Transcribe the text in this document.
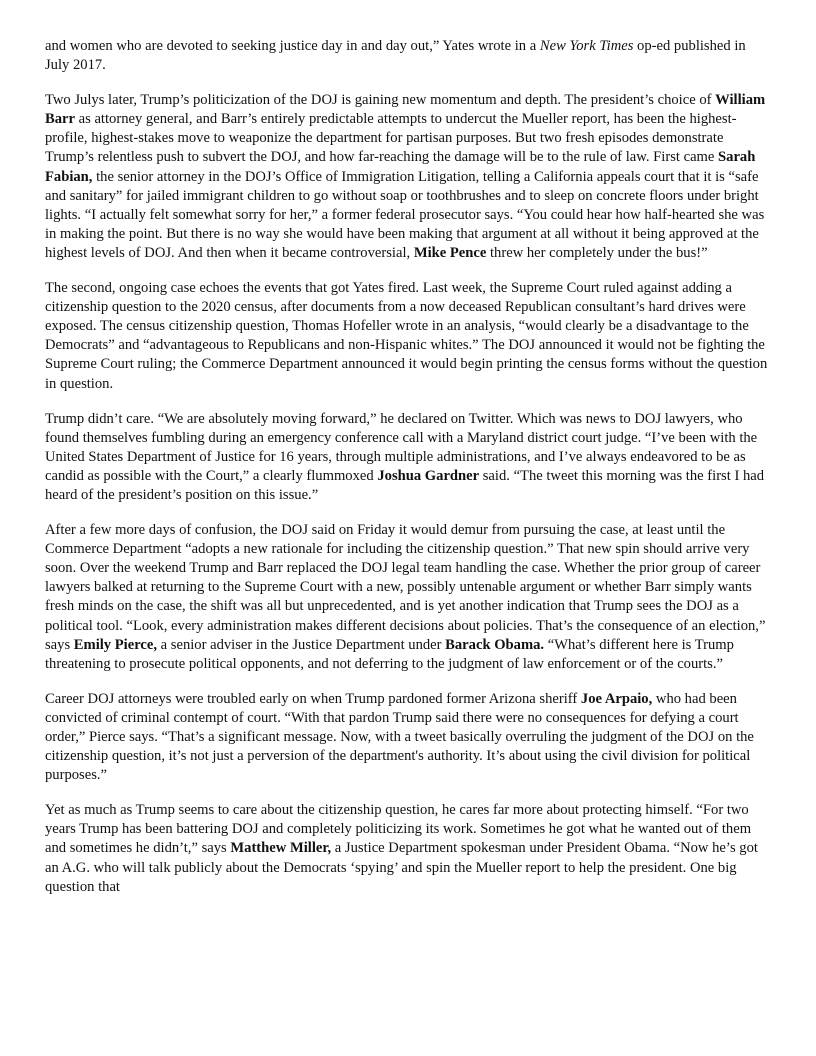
and women who are devoted to seeking justice day in and day out,” Yates wrote in a New York Times op-ed published in July 2017.

Two Julys later, Trump’s politicization of the DOJ is gaining new momentum and depth. The president’s choice of William Barr as attorney general, and Barr’s entirely predictable attempts to undercut the Mueller report, has been the highest-profile, highest-stakes move to weaponize the department for partisan purposes. But two fresh episodes demonstrate Trump’s relentless push to subvert the DOJ, and how far-reaching the damage will be to the rule of law. First came Sarah Fabian, the senior attorney in the DOJ’s Office of Immigration Litigation, telling a California appeals court that it is “safe and sanitary” for jailed immigrant children to go without soap or toothbrushes and to sleep on concrete floors under bright lights. “I actually felt somewhat sorry for her,” a former federal prosecutor says. “You could hear how half-hearted she was in making the point. But there is no way she would have been making that argument at all without it being approved at the highest levels of DOJ. And then when it became controversial, Mike Pence threw her completely under the bus!”

The second, ongoing case echoes the events that got Yates fired. Last week, the Supreme Court ruled against adding a citizenship question to the 2020 census, after documents from a now deceased Republican consultant’s hard drives were exposed. The census citizenship question, Thomas Hofeller wrote in an analysis, “would clearly be a disadvantage to the Democrats” and “advantageous to Republicans and non-Hispanic whites.” The DOJ announced it would not be fighting the Supreme Court ruling; the Commerce Department announced it would begin printing the census forms without the question in question.

Trump didn’t care. “We are absolutely moving forward,” he declared on Twitter. Which was news to DOJ lawyers, who found themselves fumbling during an emergency conference call with a Maryland district court judge. “I’ve been with the United States Department of Justice for 16 years, through multiple administrations, and I’ve always endeavored to be as candid as possible with the Court,” a clearly flummoxed Joshua Gardner said. “The tweet this morning was the first I had heard of the president’s position on this issue.”

After a few more days of confusion, the DOJ said on Friday it would demur from pursuing the case, at least until the Commerce Department “adopts a new rationale for including the citizenship question.” That new spin should arrive very soon. Over the weekend Trump and Barr replaced the DOJ legal team handling the case. Whether the prior group of career lawyers balked at returning to the Supreme Court with a new, possibly untenable argument or whether Barr simply wants fresh minds on the case, the shift was all but unprecedented, and is yet another indication that Trump sees the DOJ as a political tool. “Look, every administration makes different decisions about policies. That’s the consequence of an election,” says Emily Pierce, a senior adviser in the Justice Department under Barack Obama. “What’s different here is Trump threatening to prosecute political opponents, and not deferring to the judgment of law enforcement or of the courts.”

Career DOJ attorneys were troubled early on when Trump pardoned former Arizona sheriff Joe Arpaio, who had been convicted of criminal contempt of court. “With that pardon Trump said there were no consequences for defying a court order,” Pierce says. “That’s a significant message. Now, with a tweet basically overruling the judgment of the DOJ on the citizenship question, it’s not just a perversion of the department's authority. It’s about using the civil division for political purposes.”

Yet as much as Trump seems to care about the citizenship question, he cares far more about protecting himself. “For two years Trump has been battering DOJ and completely politicizing its work. Sometimes he got what he wanted out of them and sometimes he didn’t,” says Matthew Miller, a Justice Department spokesman under President Obama. “Now he’s got an A.G. who will talk publicly about the Democrats ‘spying’ and spin the Mueller report to help the president. One big question that
